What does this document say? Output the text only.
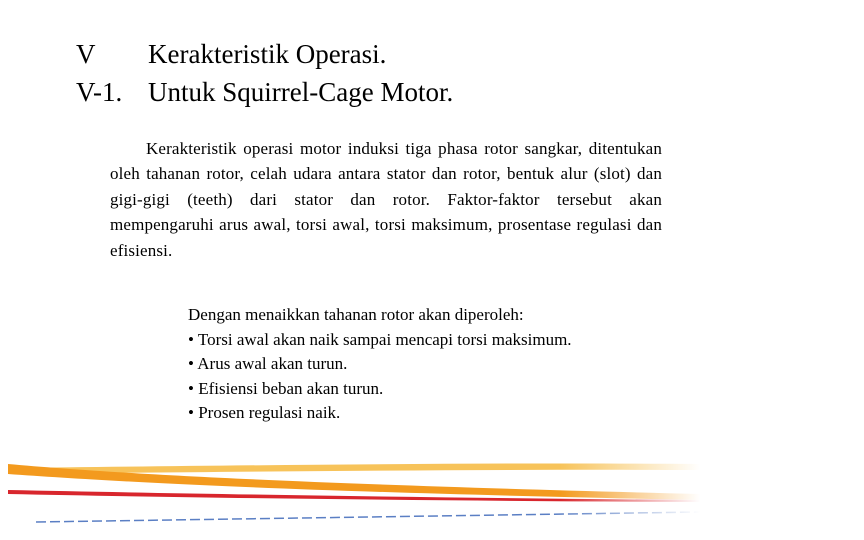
V Kerakteristik Operasi.
V-1. Untuk Squirrel-Cage Motor.

Kerakteristik operasi motor induksi tiga phasa rotor sangkar, ditentukan oleh tahanan rotor, celah udara antara stator dan rotor, bentuk alur (slot) dan gigi-gigi (teeth) dari stator dan rotor. Faktor-faktor tersebut akan mempengaruhi arus awal, torsi awal, torsi maksimum, prosentase regulasi dan efisiensi.

Dengan menaikkan tahanan rotor akan diperoleh:

• Torsi awal akan naik sampai mencapi torsi maksimum.
• Arus awal akan turun.
• Efisiensi beban akan turun.
• Prosen regulasi naik.
